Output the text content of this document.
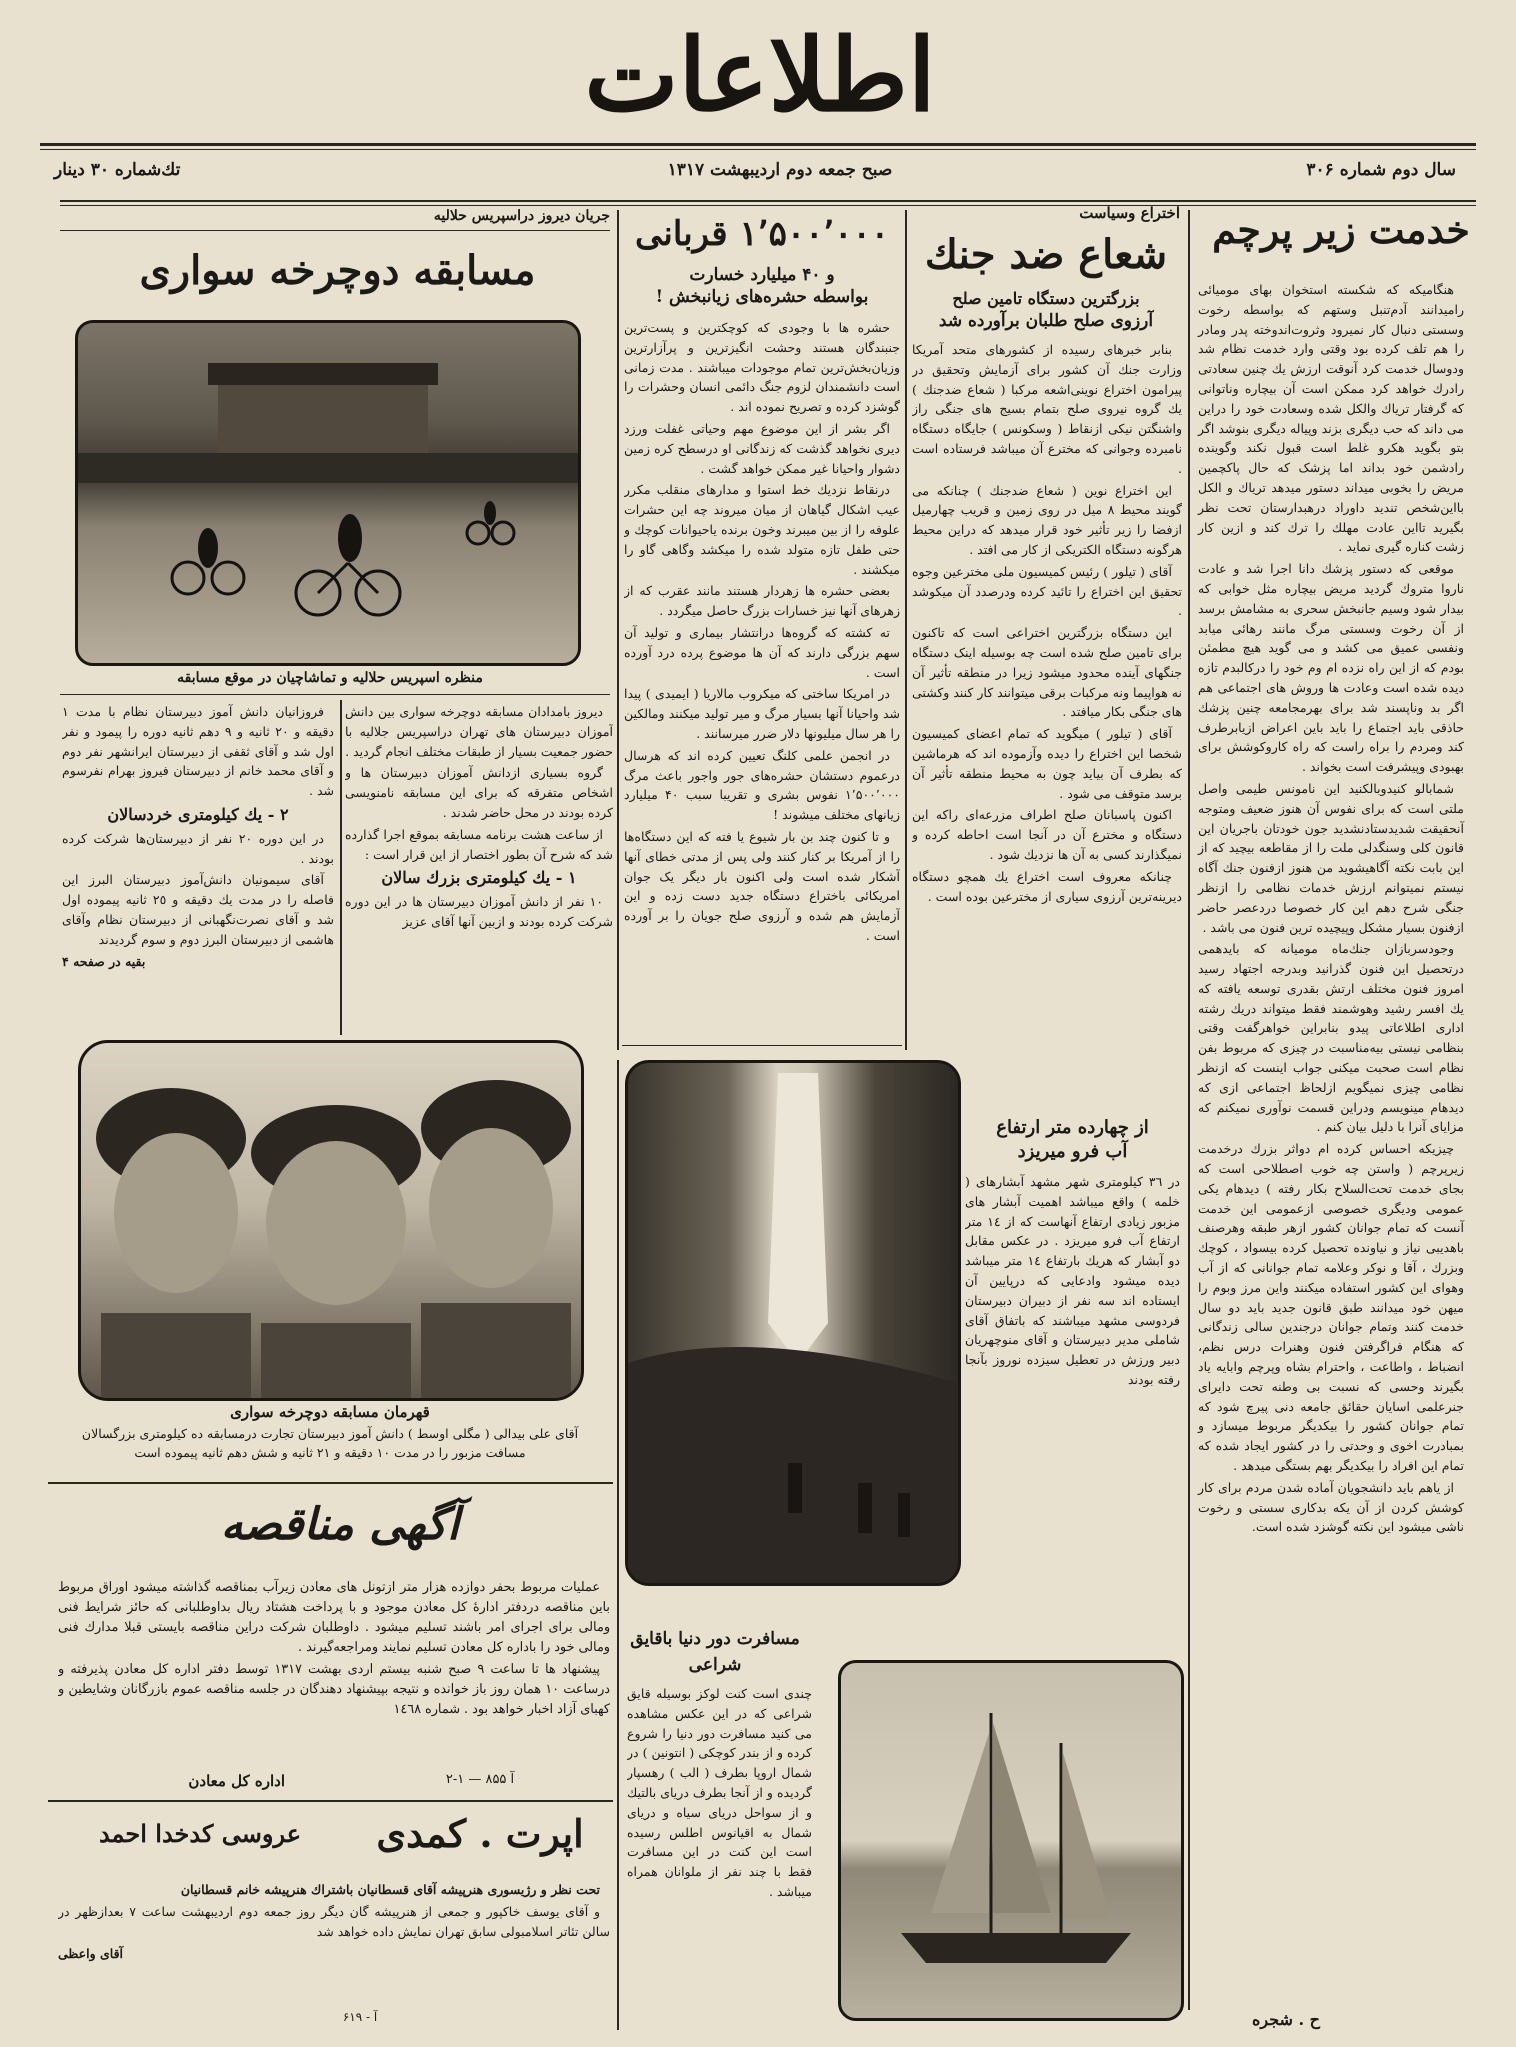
اطلاعات
سال دوم شماره ۳۰۶
صبح جمعه دوم اردیبهشت ۱۳۱۷
تك‌شماره ۳۰ دینار
خدمت زیر پرچم

هنگامیکه که شکسته استخوان بهای مومیائی رامیدانند آدم‌تنبل وستهم که بواسطه رخوت وسستی دنبال کار نمیرود وثروت‌اندوخته پدر ومادر را هم تلف کرده بود وقتی وارد خدمت نظام شد ودوسال خدمت کرد آنوقت ارزش یك چنین سعادتی رادرك خواهد کرد ممکن است آن بیچاره وناتوانی که گرفتار تریاك والکل شده وسعادت خود را دراین می داند که حب دیگری بزند وپیاله دیگری بنوشد اگر بتو بگوید هکرو غلط است قبول نکند وگوینده رادشمن خود بداند اما پزشک که حال پاکچمین مریض را بخوبی میداند دستور میدهد تریاك و الکل بااین‌شخص تندید داوراد درهبدارستان تحت نظر بگیرید تااین عادت مهلك را ترك کند و ازین کار زشت کناره گیری نماید .

موقعی که دستور پزشك دانا اجرا شد و عادت ناروا متروك گردید مریض بیچاره مثل خوابی که بیدار شود وسیم جانبخش سحری به مشامش برسد از آن رخوت وسستی مرگ مانند رهائی میابد ونفسی عمیق می کشد و می گوید هیچ مطمئن بودم که از این راه نزده ام وم خود را درکالبدم تازه دیده شده است وعادت ها وروش های اجتماعی هم اگر بد وناپسند شد برای بهرمجامعه چنین پزشك حاذقی باید اجتماع را باید باین اعراض ازیابرطرف کند ومردم را براه راست که راه کاروکوشش برای بهبودی وپیشرفت است بخواند .

شمابالو کنیدوبالکنید این نامونس طیمی واصل ملتی است که برای نفوس آن هنوز ضعیف ومتوجه آنحقیقت شدیدستادنشدید جون خودتان باجریان این قانون کلی وسنگدلی ملت را از مقاطعه بیچید که از این بابت نکته آگاهیشوید من هنوز ازفنون جنك آگاه نیستم نمیتوانم ارزش خدمات نظامی را ازنظر جنگی شرح دهم این کار خصوصا دردعصر حاضر ازفنون بسیار مشکل وپیچیده ترین فنون می باشد .

وجودسربازان جنك‌ماه مومیانه که بایدهمی درتحصیل این فنون گذرانید وبدرجه اجتهاد رسید امروز فنون مختلف ارتش بقدری توسعه یافته که یك افسر رشید وهوشمند فقط میتواند دریك رشته اداری اطلاعاتی پیدو بنابراین خواهرگفت وقتی بنظامی نیستی بیه‌مناسبت در چیزی که مربوط بفن نظام است صحبت میکنی جواب اینست که ازنظر نظامی چیزی نمیگویم ازلحاظ اجتماعی ازی که دیدهام مینویسم ودراین قسمت نوآوری نمیکنم که مزایای آنرا با دلیل بیان کنم .

چیزیکه احساس کرده ام دواثر بزرك درخدمت زیرپرچم ( واستن چه خوب اصطلاحی است که بجای خدمت تحت‌السلاح بکار رفته ) دیدهام یکی عمومی ودیگری خصوصی ازعمومی این خدمت آنست که تمام جوانان کشور ازهر طبقه وهرصنف باهدیبی نیاز و نیاونده تحصیل کرده بیسواد ، کوچك وبزرك ، آقا و نوکر وعلامه تمام جوانانی که از آب وهوای این کشور استفاده میکنند واین مرز وبوم را میهن خود میدانند طبق قانون جدید باید دو سال خدمت کنند وتمام جوانان درجندين سالی زندگانی که هنگام فراگرفتن فنون وهنرات درس نظم، انضباط ، واطاعت ، واحترام بشاه وپرچم وابایه یاد بگیرند وحسی که نسبت بی وطنه تحت دایرای جنرعلمی اسایان حقائق جامعه دنی پیرچ شود که تمام جوانان کشور را بیکدیگر مربوط میسازد و بمبادرت اخوی و وحدتی را در کشور ایجاد شده که تمام این افراد را بیکدیگر بهم بستگی میدهد .

از یاهم باید دانشجویان آماده شدن مردم برای کار کوشش کردن از آن یکه بدکاری سستی و رخوت ناشی میشود این نکته گوشزد شده است.

ح . شجره
اختراع وسیاست
شعاع ضد جنك
بزرگترین دستگاه تامین صلح
آرزوی صلح طلبان برآورده شد

بنابر خبرهای رسیده از کشورهای متحد آمریکا وزارت جنك آن کشور برای آزمایش وتحقیق در پیرامون اختراع نوینی‌اشعه مرکبا ( شعاع ضدجنك ) یك گروه نیروی صلح بتمام بسیج های جنگی راز واشنگتن نیکی ازنقاط ( وسکونس ) جایگاه دستگاه نامبرده وجوانی که مخترع آن میباشد فرستاده است .

این اختراع نوین ( شعاع ضدجنك ) چنانکه می گویند محیط ٨ میل در روی زمین و قریب چهارمیل ازفضا را زیر تأثیر خود قرار میدهد که دراین محیط هرگونه دستگاه الکتریکی از کار می افتد .

آقای ( تیلور ) رئیس کمیسیون ملی مخترعین وجوه تحقیق این اختراع را تائید کرده ودرصدد آن میکوشد .

این دستگاه بزرگترین اختراعی است که تاکنون برای تامین صلح شده است چه بوسیله اینک دستگاه جنگهای آینده محدود میشود زیرا در منطقه تأثیر آن نه هواپیما ونه مرکبات برقی میتوانند کار کنند وکشتی های جنگی بکار میافتد .

آقای ( تیلور ) میگوید که تمام اعضای کمیسیون شخصا این اختراع را دیده وآزموده اند که هرماشین که بطرف آن بیاید چون به محیط منطقه تأثیر آن برسد متوقف می شود .

اکنون پاسبانان صلح اطراف مزرعه‌ای راکه این دستگاه و مخترع آن در آنجا است احاطه کرده و نمیگذارند کسی به آن ها نزدیك شود .

چنانکه معروف است اختراع یك همچو دستگاه دیرینه‌ترین آرزوی سیاری از مخترعین بوده است .

۱٬۵۰۰٬۰۰۰ قربانی
و ۴۰ میلیارد خسارت
بواسطه حشره‌های زیانبخش !

حشره ها با وجودی که کوچکترین و پست‌ترین جنبندگان هستند وحشت انگیزترین و پرآزارترین وزیان‌بخش‌ترین تمام موجودات میباشند . مدت زمانی است دانشمندان لزوم جنگ دائمی انسان وحشرات را گوشزد کرده و تصریح نموده اند .

اگر بشر از این موضوع مهم وحیاتی غفلت ورزد دیری نخواهد گذشت که زندگانی او درسطح کره زمین دشوار واحیانا غیر ممکن خواهد گشت .

درنقاط نزدیك خط استوا و مدارهای منقلب مکرر عیب اشکال گیاهان از میان میروند چه این حشرات علوفه را از بین میبرند وخون برنده یاحیوانات کوچك و حتی طفل تازه متولد شده را میکشد وگاهی گاو را میکشند .

بعضی حشره ها زهردار هستند مانند عقرب که از زهرهای آنها نیز خسارات بزرگ حاصل میگردد .

ته کشته که گروه‌ها درانتشار بیماری و تولید آن سهم بزرگی دارند که آن ها موضوع پرده درد آورده است .

در امریکا ساختی که میکروب مالاریا ( ایمیدی ) پیدا شد واحیانا آنها بسیار مرگ و میر تولید میکنند ومالکین را هر سال میلیونها دلار ضرر میرسانند .

در انجمن علمی کلنگ تعیین کرده اند که هرسال درعموم دستشان حشره‌های جور واجور باعث مرگ ۱٬۵۰۰٬۰۰۰ نفوس بشری و تقریبا سبب ۴۰ میلیارد زیانهای مختلف میشوند !

و تا کنون چند بن بار شیوع یا فته که این دستگاه‌ها را از آمریکا بر کنار کنند ولی پس از مدتی خطای آنها آشکار شده است ولی اکنون بار دیگر یک جوان امریکائی باختراع دستگاه جدید دست زده و این آزمایش هم شده و آرزوی صلح جویان را بر آورده است .

جریان دیروز دراسپریس حلالیه
مسابقه دوچرخه سواری
منظره اسپریس حلالیه و تماشاچیان در موقع مسابقه

دیروز بامدادان مسابقه دوچرخه سواری بین دانش آموزان دبیرستان های تهران دراسپریس جلالیه با حضور جمعیت بسیار از طبقات مختلف انجام گردید .

گروه بسیاری ازدانش آموزان دبیرستان ها و اشخاص متفرقه که برای این مسابقه نامنویسی کرده بودند در محل حاضر شدند .

از ساعت هشت برنامه مسابقه بموقع اجرا گذارده شد که شرح آن بطور اختصار از این قرار است :

١ - یك کیلومتری بزرك سالان

١٠ نفر از دانش آموزان دبیرستان ها در این دوره شرکت کرده بودند و ازبین آنها آقای عزیز

فروزانیان دانش آموز دبیرستان نظام با مدت ١ دقیقه و ٢٠ ثانیه و ٩ دهم ثانیه دوره را پیمود و نفر اول شد و آقای ثقفی از دبیرستان ایرانشهر نفر دوم و آقای محمد خانم از دبیرستان فیروز بهرام نفرسوم شد .

٢ - یك کیلومتری خردسالان

در این دوره ٢٠ نفر از دبیرستان‌ها شرکت کرده بودند .

آقای سیمونیان دانش‌آموز دبیرستان البرز این فاصله را در مدت یك دقیقه و ٢٥ ثانیه پیموده اول شد و آقای نصرت‌نگهبانی از دبیرستان نظام وآقای هاشمی از دبیرستان البرز دوم و سوم گردیدند

بقیه در صفحه ۴
قهرمان مسابقه دوچرخه سواری
آقای علی بیدالی ( مگلی اوسط ) دانش آموز دبیرستان تجارت درمسابقه ده کیلومتری بزرگسالان مسافت مزبور را در مدت ١٠ دقیقه و ٢١ ثانیه و شش دهم ثانیه پیموده است
از چهارده متر ارتفاع
آب فرو میریزد
در ٣٦ کیلومتری شهر مشهد آبشارهای ( خلمه ) واقع میباشد اهمیت آبشار های مزبور زیادی ارتفاع آنهاست که از ١٤ متر ارتفاع آب فرو میریزد . در عکس مقابل دو آبشار که هریك بارتفاع ١٤ متر میباشد دیده میشود وادعایی که درپایین آن ایستاده اند سه نفر از دبیران دبیرستان فردوسی مشهد میباشند که باتفاق آقای شاملی مدیر دبیرستان و آقای منوچهریان دبیر ورزش در تعطیل سیزده نوروز بآنجا رفته بودند
مسافرت دور دنیا باقایق
شراعی
چندی است کنت لوکز بوسیله قایق شراعی که در این عکس مشاهده می کنید مسافرت دور دنیا را شروع کرده و از بندر کوچکی ( انتونین ) در شمال اروپا بطرف ( الب ) رهسپار گردیده و از آنجا بطرف دریای بالتیك و از سواحل دریای سیاه و دریای شمال به اقیانوس اطلس رسیده است این کنت در این مسافرت فقط با چند نفر از ملوانان همراه میباشد .
آگهی مناقصه

عملیات مربوط بحفر دوازده هزار متر ازتونل های معادن زیرآب بمناقصه گذاشته میشود اوراق مربوط باین مناقصه دردفتر ادارهٔ کل معادن موجود و با پرداخت هشتاد ریال بداوطلبانی که حائز شرایط فنی ومالی برای اجرای امر باشند تسلیم میشود . داوطلبان شرکت دراین مناقصه بایستی قبلا مدارك فنی ومالی خود را باداره کل معادن تسلیم نمایند ومراجعه‌گیرند .

پیشنهاد ها تا ساعت ٩ صبح شنبه بیستم اردی بهشت ١٣١٧ توسط دفتر اداره کل معادن پذیرفته و درساعت ١٠ همان روز باز خوانده و نتیجه بپیشنهاد دهندگان در جلسه مناقصه عموم بازرگانان وشایطین و کهبای آزاد اخبار خواهد بود . شماره ١٤٦٨

اداره کل معادن	آ ۸۵۵ — ۱-۲
اپرت . کمدی
عروسی کدخدا احمد

تحت نظر و رژیسوری هنرپیشه آقای قسطانیان باشتراك هنرپیشه خانم قسطانیان

و آقای یوسف خاکپور و جمعی از هنرپیشه گان دیگر روز جمعه دوم اردیبهشت ساعت ٧ بعدازظهر در سالن تئاتر اسلامبولی سابق تهران نمایش داده خواهد شد

آقای واعظی

آ - ۶۱۹
